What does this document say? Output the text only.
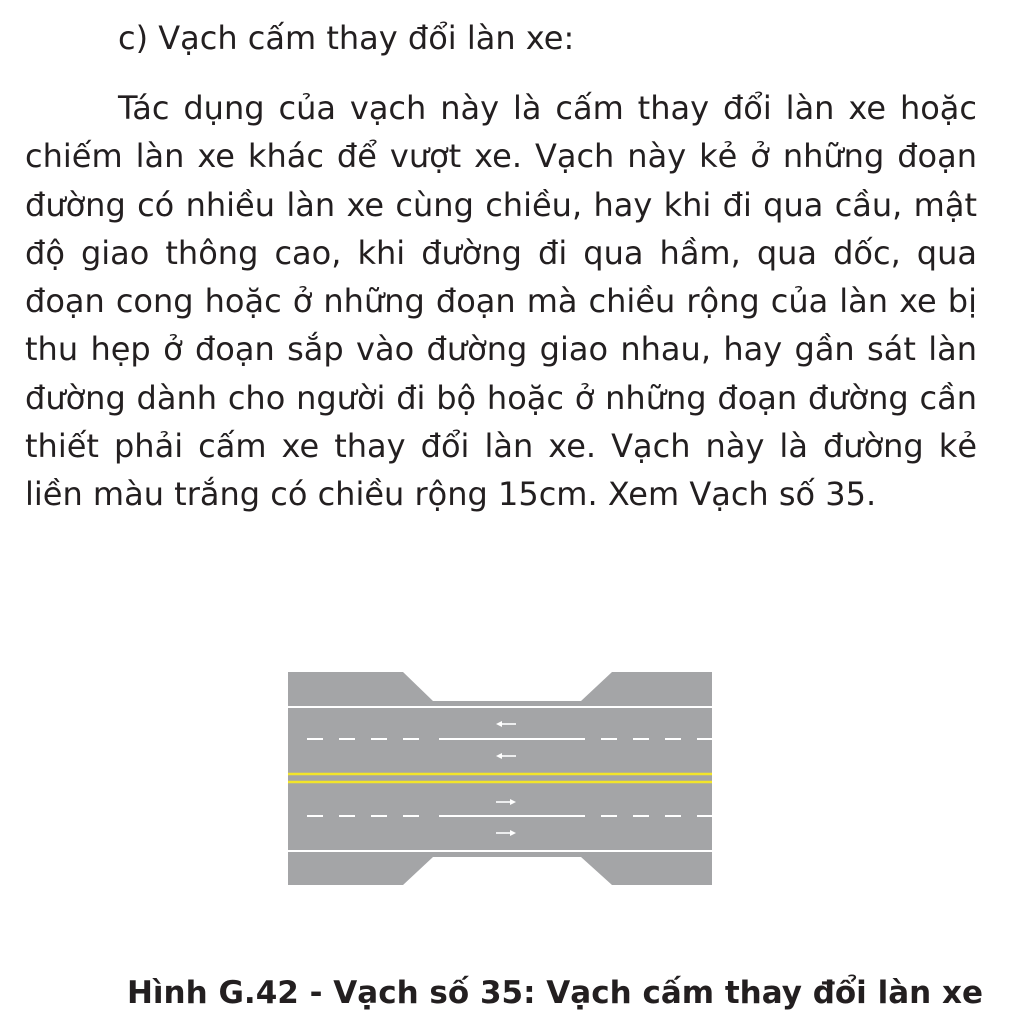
c) Vạch cấm thay đổi làn xe:

Tác dụng của vạch này là cấm thay đổi làn xe hoặc chiếm làn xe khác để vượt xe. Vạch này kẻ ở những đoạn đường có nhiều làn xe cùng chiều, hay khi đi qua cầu, mật độ giao thông cao, khi đường đi qua hầm, qua dốc, qua đoạn cong hoặc ở những đoạn mà chiều rộng của làn xe bị thu hẹp ở đoạn sắp vào đường giao nhau, hay gần sát làn đường dành cho người đi bộ hoặc ở những đoạn đường cần thiết phải cấm xe thay đổi làn xe. Vạch này là đường kẻ liền màu trắng có chiều rộng 15cm. Xem Vạch số 35.

Hình G.42 - Vạch số 35: Vạch cấm thay đổi làn xe
